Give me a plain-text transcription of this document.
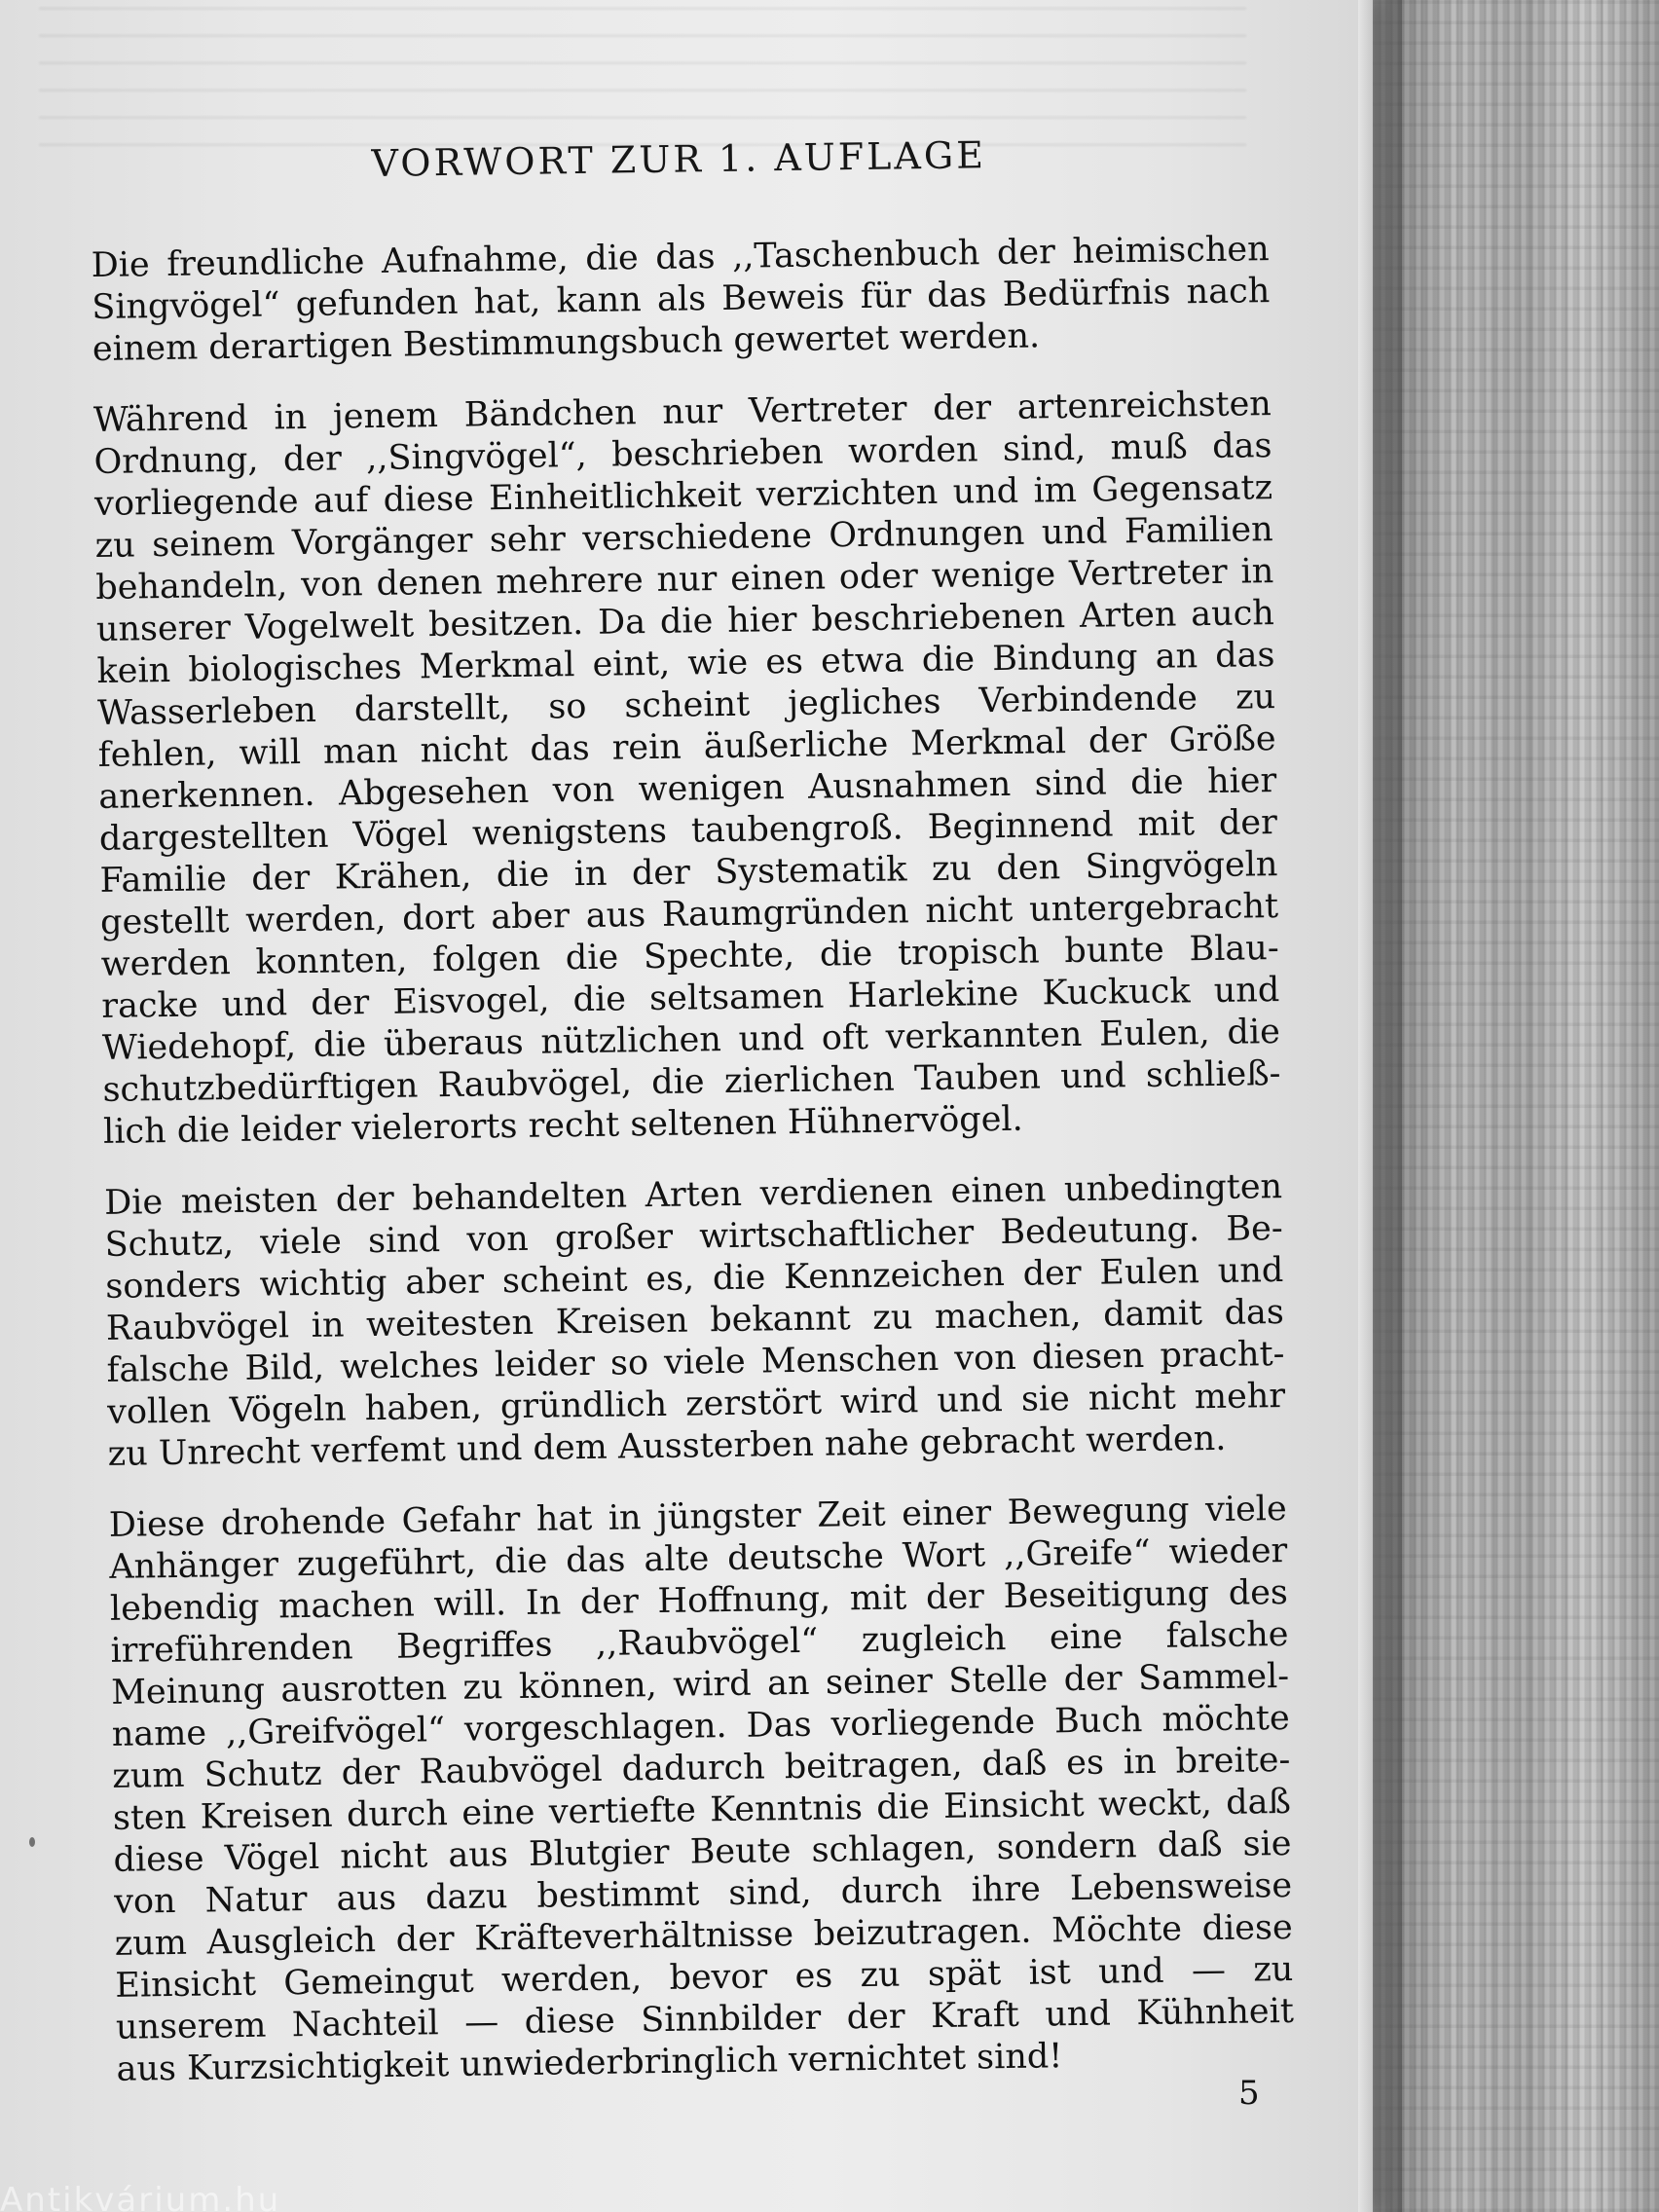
VORWORT ZUR 1. AUFLAGE

Die freundliche Aufnahme, die das ,,Taschenbuch der heimischen
Singvögel“ gefunden hat, kann als Beweis für das Bedürfnis nach
einem derartigen Bestimmungsbuch gewertet werden.

Während in jenem Bändchen nur Vertreter der artenreichsten
Ordnung, der ,,Singvögel“, beschrieben worden sind, muß das
vorliegende auf diese Einheitlichkeit verzichten und im Gegensatz
zu seinem Vorgänger sehr verschiedene Ordnungen und Familien
behandeln, von denen mehrere nur einen oder wenige Vertreter in
unserer Vogelwelt besitzen. Da die hier beschriebenen Arten auch
kein biologisches Merkmal eint, wie es etwa die Bindung an das
Wasserleben darstellt, so scheint jegliches Verbindende zu
fehlen, will man nicht das rein äußerliche Merkmal der Größe
anerkennen. Abgesehen von wenigen Ausnahmen sind die hier
dargestellten Vögel wenigstens taubengroß. Beginnend mit der
Familie der Krähen, die in der Systematik zu den Singvögeln
gestellt werden, dort aber aus Raumgründen nicht untergebracht
werden konnten, folgen die Spechte, die tropisch bunte Blau-
racke und der Eisvogel, die seltsamen Harlekine Kuckuck und
Wiedehopf, die überaus nützlichen und oft verkannten Eulen, die
schutzbedürftigen Raubvögel, die zierlichen Tauben und schließ-
lich die leider vielerorts recht seltenen Hühnervögel.

Die meisten der behandelten Arten verdienen einen unbedingten
Schutz, viele sind von großer wirtschaftlicher Bedeutung. Be-
sonders wichtig aber scheint es, die Kennzeichen der Eulen und
Raubvögel in weitesten Kreisen bekannt zu machen, damit das
falsche Bild, welches leider so viele Menschen von diesen pracht-
vollen Vögeln haben, gründlich zerstört wird und sie nicht mehr
zu Unrecht verfemt und dem Aussterben nahe gebracht werden.

Diese drohende Gefahr hat in jüngster Zeit einer Bewegung viele
Anhänger zugeführt, die das alte deutsche Wort ,,Greife“ wieder
lebendig machen will. In der Hoffnung, mit der Beseitigung des
irreführenden Begriffes ,,Raubvögel“ zugleich eine falsche
Meinung ausrotten zu können, wird an seiner Stelle der Sammel-
name ,,Greifvögel“ vorgeschlagen. Das vorliegende Buch möchte
zum Schutz der Raubvögel dadurch beitragen, daß es in breite-
sten Kreisen durch eine vertiefte Kenntnis die Einsicht weckt, daß
diese Vögel nicht aus Blutgier Beute schlagen, sondern daß sie
von Natur aus dazu bestimmt sind, durch ihre Lebensweise
zum Ausgleich der Kräfteverhältnisse beizutragen. Möchte diese
Einsicht Gemeingut werden, bevor es zu spät ist und — zu
unserem Nachteil — diese Sinnbilder der Kraft und Kühnheit
aus Kurzsichtigkeit unwiederbringlich vernichtet sind!

5
Antikvárium.hu
